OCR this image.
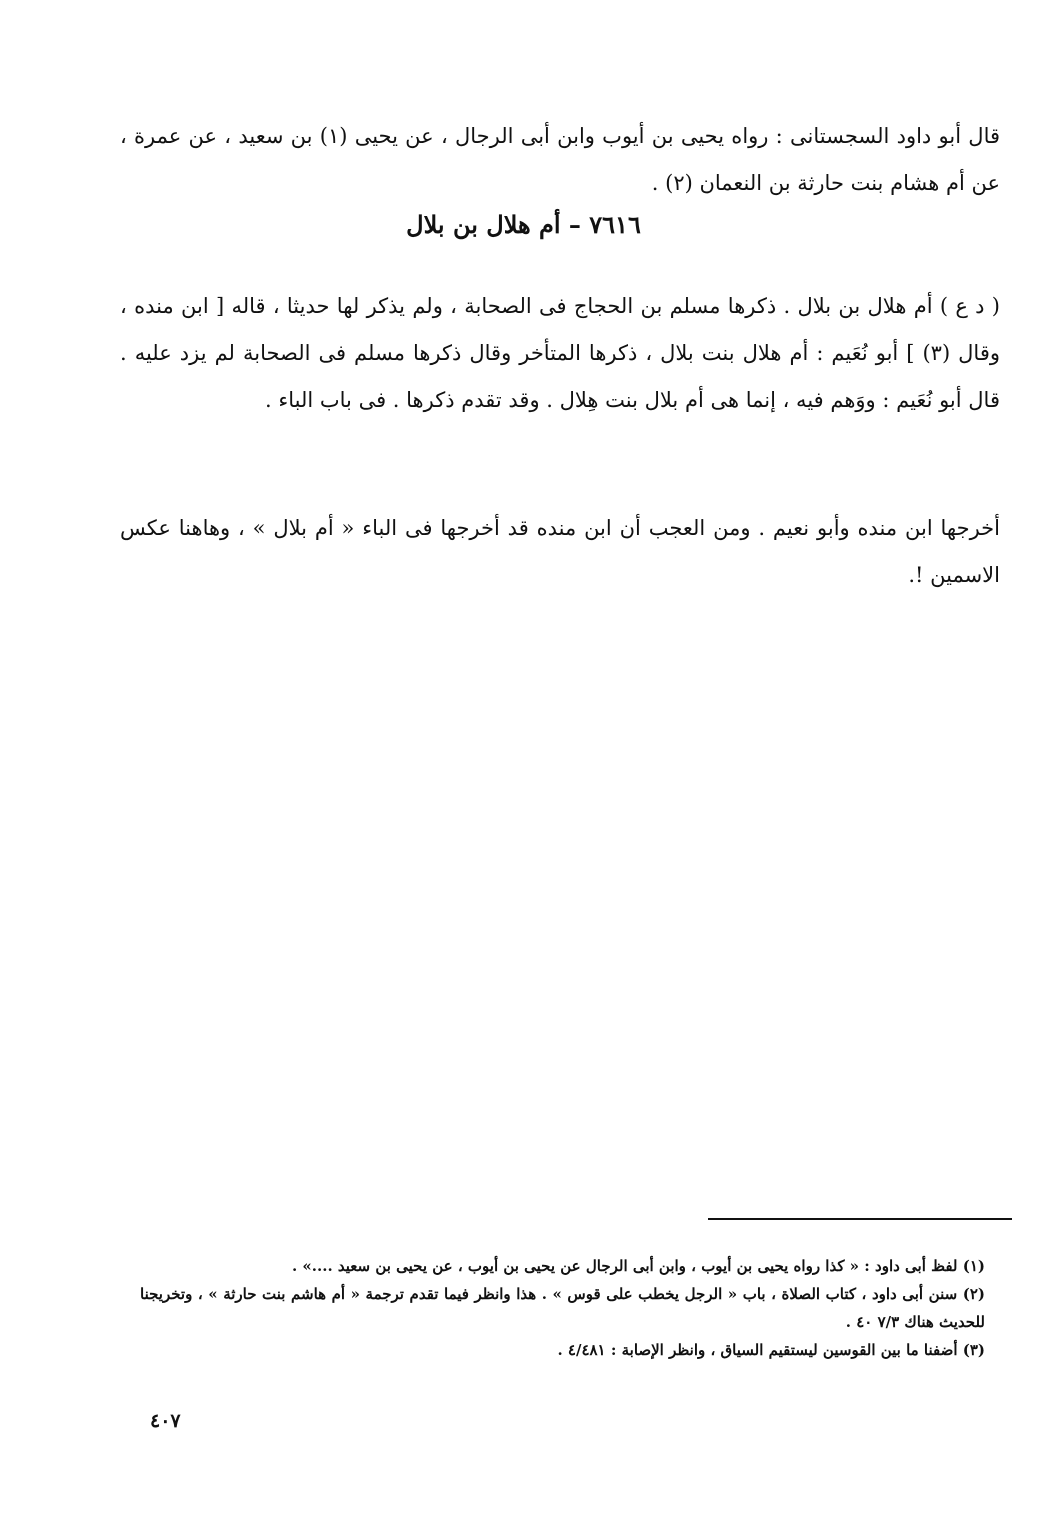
قال أبو داود السجستانى : رواه يحيى بن أيوب وابن أبى الرجال ، عن يحيى (١) بن سعيد ، عن عمرة ، عن أم هشام بنت حارثة بن النعمان (٢) .

٧٦١٦ – أم هلال بن بلال

( د ع ) أم هلال بن بلال . ذكرها مسلم بن الحجاج فى الصحابة ، ولم يذكر لها حديثا ، قاله [ ابن منده ، وقال (٣) ] أبو نُعَيم : أم هلال بنت بلال ، ذكرها المتأخر وقال ذكرها مسلم فى الصحابة لم يزد عليه . قال أبو نُعَيم : ووَهم فيه ، إنما هى أم بلال بنت هِلال . وقد تقدم ذكرها . فى باب الباء .

أخرجها ابن منده وأبو نعيم . ومن العجب أن ابن منده قد أخرجها فى الباء « أم بلال » ، وهاهنا عكس الاسمين !.

(١) لفظ أبى داود : « كذا رواه يحيى بن أيوب ، وابن أبى الرجال عن يحيى بن أيوب ، عن يحيى بن سعيد ....» .

(٢) سنن أبى داود ، كتاب الصلاة ، باب « الرجل يخطب على قوس » . هذا وانظر فيما تقدم ترجمة « أم هاشم بنت حارثة » ، وتخريجنا للحديث هناك ٧/٣ ٤٠ .

(٣) أضفنا ما بين القوسين ليستقيم السياق ، وانظر الإصابة : ٤/٤٨١ .

٤٠٧
